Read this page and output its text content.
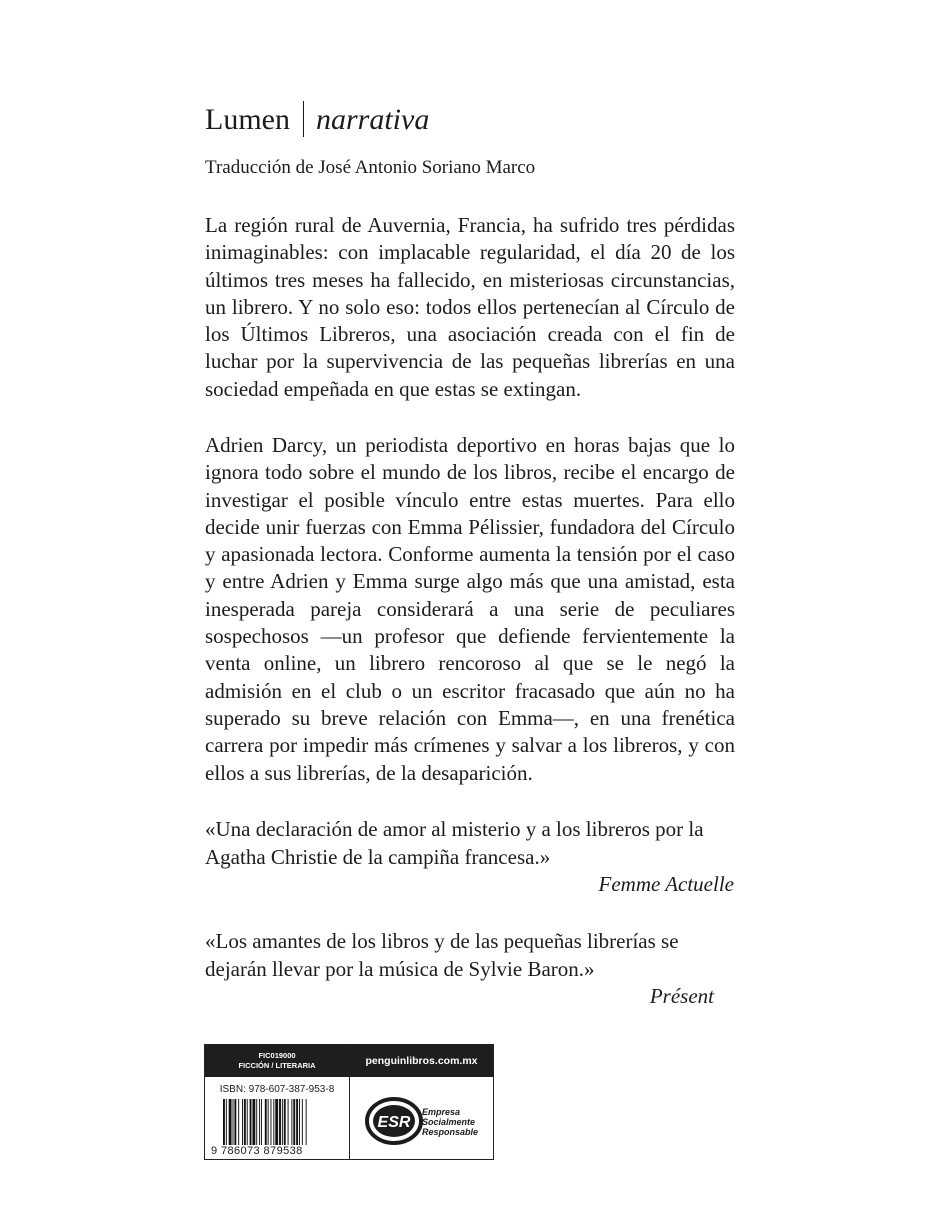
Lumen narrativa
Traducción de José Antonio Soriano Marco

La región rural de Auvernia, Francia, ha sufrido tres pérdidas inimaginables: con implacable regularidad, el día 20 de los últimos tres meses ha fallecido, en misteriosas circunstancias, un librero. Y no solo eso: todos ellos pertenecían al Círculo de los Últimos Libreros, una asociación creada con el fin de luchar por la supervivencia de las pequeñas librerías en una sociedad empeñada en que estas se extingan.

Adrien Darcy, un periodista deportivo en horas bajas que lo ignora todo sobre el mundo de los libros, recibe el encargo de investigar el posible vínculo entre estas muertes. Para ello decide unir fuerzas con Emma Pélissier, fundadora del Círculo y apasionada lectora. Conforme aumenta la tensión por el caso y entre Adrien y Emma surge algo más que una amistad, esta inesperada pareja considerará a una serie de peculiares sospechosos —un profesor que defiende fervientemente la venta online, un librero rencoroso al que se le negó la admisión en el club o un escritor fracasado que aún no ha superado su breve relación con Emma—, en una frenética carrera por impedir más crímenes y salvar a los libreros, y con ellos a sus librerías, de la desaparición.

«Una declaración de amor al misterio y a los libreros por la Agatha Christie de la campiña francesa.»

Femme Actuelle

«Los amantes de los libros y de las pequeñas librerías se dejarán llevar por la música de Sylvie Baron.»

Présent
FIC019000
FICCIÓN / LITERARIA
ISBN: 978-607-387-953-8
9 786073 879538
penguinlibros.com.mx
ESR
Empresa
Socialmente
Responsable
